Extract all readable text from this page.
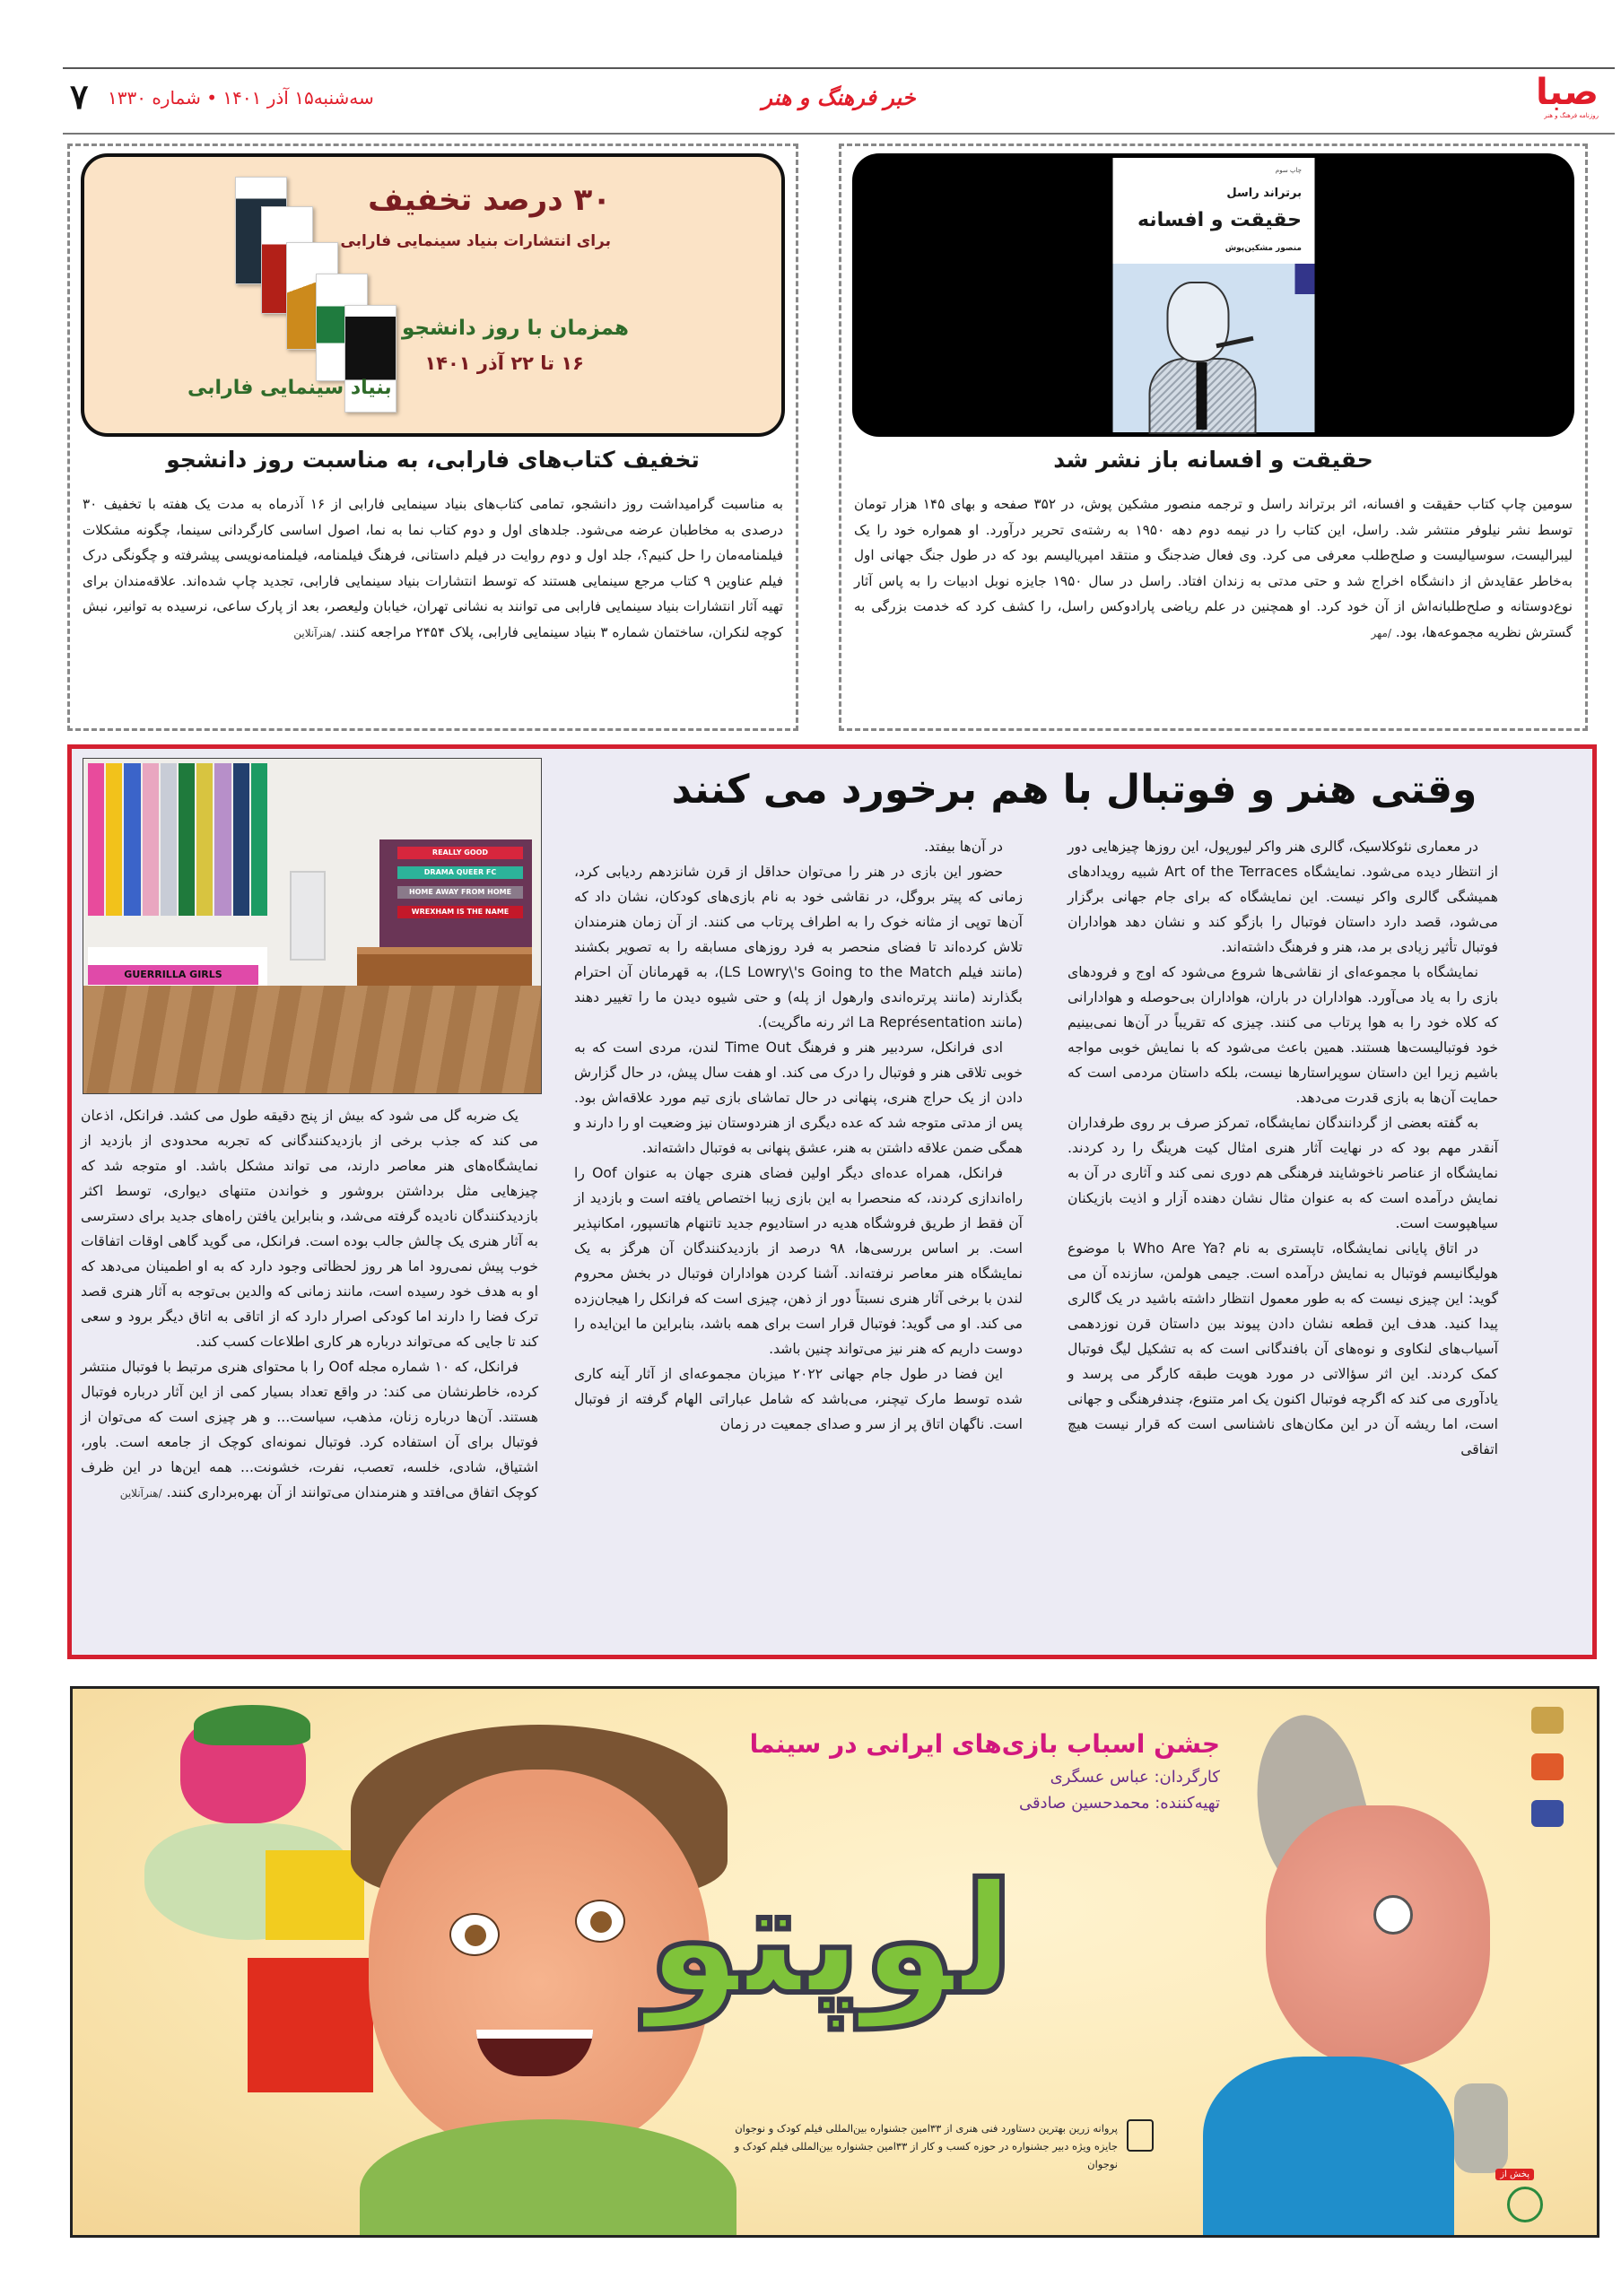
صبا
روزنامه فرهنگ و هنر
خبر فرهنگ و هنر
سه‌شنبه۱۵ آذر ۱۴۰۱ • شماره ۱۳۳۰
۷
چاپ سوم
برتراند راسل
حقیقت و افسانه
منصور مشکین‌پوش
حقیقت و افسانه باز نشر شد

سومین چاپ کتاب حقیقت و افسانه، اثر برتراند راسل و ترجمه منصور مشکین پوش، در ۳۵۲ صفحه و بهای ۱۴۵ هزار تومان توسط نشر نیلوفر منتشر شد. راسل، این کتاب را در نیمه دوم دهه ۱۹۵۰ به رشته‌ی تحریر درآورد. او همواره خود را یک لیبرالیست، سوسیالیست و صلح‌طلب معرفی می کرد. وی فعال ضدجنگ و منتقد امپریالیسم بود که در طول جنگ جهانی اول به‌خاطر عقایدش از دانشگاه اخراج شد و حتی مدتی به زندان افتاد. راسل در سال ۱۹۵۰ جایزه نوبل ادبیات را به پاس آثار نوع‌دوستانه و صلح‌طلبانه‌اش از آن خود کرد. او همچنین در علم ریاضی پارادوکس راسل، را کشف کرد که خدمت بزرگی به گسترش نظریه مجموعه‌ها، بود. /مهر

۳۰ درصد تخفیف
برای انتشارات بنیاد سینمایی فارابی
همزمان با روز دانشجو
۱۶ تا ۲۲ آذر ۱۴۰۱
بنیاد سینمایی فارابی
تخفیف کتاب‌های فارابی، به مناسبت روز دانشجو

به مناسبت گرامیداشت روز دانشجو، تمامی کتاب‌های بنیاد سینمایی فارابی از ۱۶ آذرماه به مدت یک هفته با تخفیف ۳۰ درصدی به مخاطبان عرضه می‌شود. جلدهای اول و دوم کتاب نما به نما، اصول اساسی کارگردانی سینما، چگونه مشکلات فیلمنامه‌مان را حل کنیم؟، جلد اول و دوم روایت در فیلم داستانی، فرهنگ فیلمنامه، فیلمنامه‌نویسی پیشرفته و چگونگی درک فیلم عناوین ۹ کتاب مرجع سینمایی هستند که توسط انتشارات بنیاد سینمایی فارابی، تجدید چاپ شده‌اند. علاقه‌مندان برای تهیه آثار انتشارات بنیاد سینمایی فارابی می توانند به نشانی تهران، خیابان ولیعصر، بعد از پارک ساعی، نرسیده به توانیر، نبش کوچه لنکران، ساختمان شماره ۳ بنیاد سینمایی فارابی، پلاک ۲۴۵۴ مراجعه کنند. /هنرآنلاین

وقتی هنر و فوتبال با هم برخورد می کنند
REALLY GOOD
DRAMA QUEER FC
HOME AWAY FROM HOME
WREXHAM IS THE NAME
GUERRILLA GIRLS

در معماری نئوکلاسیک، گالری هنر واکر لیورپول، این روزها چیزهایی دور از انتظار دیده می‌شود. نمایشگاه Art of the Terraces شبیه رویدادهای همیشگی گالری واکر نیست. این نمایشگاه که برای جام جهانی برگزار می‌شود، قصد دارد داستان فوتبال را بازگو کند و نشان دهد هواداران فوتبال تأثیر زیادی بر مد، هنر و فرهنگ داشته‌اند.

نمایشگاه با مجموعه‌ای از نقاشی‌ها شروع می‌شود که اوج و فرودهای بازی را به یاد می‌آورد. هواداران در باران، هواداران بی‌حوصله و هوادارانی که کلاه خود را به هوا پرتاب می کنند. چیزی که تقریباً در آن‌ها نمی‌بینیم خود فوتبالیست‌ها هستند. همین باعث می‌شود که با نمایش خوبی مواجه باشیم زیرا این داستان سوپراستارها نیست، بلکه داستان مردمی است که حمایت آن‌ها به بازی قدرت می‌دهد.

به گفته بعضی از گردانندگان نمایشگاه، تمرکز صرف بر روی طرفداران آنقدر مهم بود که در نهایت آثار هنری امثال کیت هرینگ را رد کردند. نمایشگاه از عناصر ناخوشایند فرهنگی هم دوری نمی کند و آثاری در آن به نمایش درآمده است که به عنوان مثال نشان دهنده آزار و اذیت بازیکنان سیاهپوست است.

در اتاق پایانی نمایشگاه، تاپستری به نام ?Who Are Ya با موضوع هولیگانیسم فوتبال به نمایش درآمده است. جیمی هولمن، سازنده آن می گوید: این چیزی نیست که به طور معمول انتظار داشته باشید در یک گالری پیدا کنید. هدف این قطعه نشان دادن پیوند بین داستان قرن نوزدهمی آسیاب‌های لنکاوی و نوه‌های آن بافندگانی است که به تشکیل لیگ فوتبال کمک کردند. این اثر سؤالاتی در مورد هویت طبقه کارگر می پرسد و یادآوری می کند که اگرچه فوتبال اکنون یک امر متنوع، چندفرهنگی و جهانی است، اما ریشه آن در این مکان‌های ناشناسی است که قرار نیست هیچ اتفاقی

در آن‌ها بیفتد.

حضور این بازی در هنر را می‌توان حداقل از قرن شانزدهم ردیابی کرد، زمانی که پیتر بروگل، در نقاشی خود به نام بازی‌های کودکان، نشان داد که آن‌ها توپی از مثانه خوک را به اطراف پرتاب می کنند. از آن زمان هنرمندان تلاش کرده‌اند تا فضای منحصر به فرد روزهای مسابقه را به تصویر بکشند (مانند فیلم LS Lowry\'s Going to the Match)، به قهرمانان آن احترام بگذارند (مانند پرتره‌اندی وارهول از پله) و حتی شیوه دیدن ما را تغییر دهند (مانند La Représentation اثر رنه ماگریت).

ادی فرانکل، سردبیر هنر و فرهنگ Time Out لندن، مردی است که به خوبی تلاقی هنر و فوتبال را درک می کند. او هفت سال پیش، در حال گزارش دادن از یک حراج هنری، پنهانی در حال تماشای بازی تیم مورد علاقه‌اش بود. پس از مدتی متوجه شد که عده دیگری از هنردوستان نیز وضعیت او را دارند و همگی ضمن علاقه داشتن به هنر، عشق پنهانی به فوتبال داشته‌اند.

فرانکل، همراه عده‌ای دیگر اولین فضای هنری جهان به عنوان Oof را راه‌اندازی کردند، که منحصرا به این بازی زیبا اختصاص یافته است و بازدید از آن فقط از طریق فروشگاه هدیه در استادیوم جدید تاتنهام هاتسپور، امکانپذیر است. بر اساس بررسی‌ها، ۹۸ درصد از بازدیدکنندگان آن هرگز به یک نمایشگاه هنر معاصر نرفته‌اند. آشنا کردن هواداران فوتبال در بخش محروم لندن با برخی آثار هنری نسبتاً دور از ذهن، چیزی است که فرانکل را هیجان‌زده می کند. او می گوید: فوتبال قرار است برای همه باشد، بنابراین ما این‌ایده را دوست داریم که هنر نیز می‌تواند چنین باشد.

این فضا در طول جام جهانی ۲۰۲۲ میزبان مجموعه‌ای از آثار آینه کاری شده توسط مارک تیچنر، می‌باشد که شامل عباراتی الهام گرفته از فوتبال است. ناگهان اتاق پر از سر و صدای جمعیت در زمان

یک ضربه گل می شود که بیش از پنج دقیقه طول می کشد. فرانکل، اذعان می کند که جذب برخی از بازدیدکنندگانی که تجربه محدودی از بازدید از نمایشگاه‌های هنر معاصر دارند، می تواند مشکل باشد. او متوجه شد که چیزهایی مثل برداشتن بروشور و خواندن متنهای دیواری، توسط اکثر بازدیدکنندگان نادیده گرفته می‌شد، و بنابراین یافتن راه‌های جدید برای دسترسی به آثار هنری یک چالش جالب بوده است. فرانکل، می گوید گاهی اوقات اتفاقات خوب پیش نمی‌رود اما هر روز لحظاتی وجود دارد که به او اطمینان می‌دهد که او به هدف خود رسیده است، مانند زمانی که والدین بی‌توجه به آثار هنری قصد ترک فضا را دارند اما کودکی اصرار دارد که از اتاقی به اتاق دیگر برود و سعی کند تا جایی که می‌تواند درباره هر کاری اطلاعات کسب کند.

فرانکل، که ۱۰ شماره مجله Oof را با محتوای هنری مرتبط با فوتبال منتشر کرده، خاطرنشان می کند: در واقع تعداد بسیار کمی از این آثار درباره فوتبال هستند. آن‌ها درباره زنان، مذهب، سیاست... و هر چیزی است که می‌توان از فوتبال برای آن استفاده کرد. فوتبال نمونه‌ای کوچک از جامعه است. باور، اشتیاق، شادی، خلسه، تعصب، نفرت، خشونت... همه این‌ها در این ظرف کوچک اتفاق می‌افتد و هنرمندان می‌توانند از آن بهره‌برداری کنند. /هنرآنلاین

لوپتو
جشن اسباب بازی‌های ایرانی در سینما
کارگردان: عباس عسگری
تهیه‌کننده: محمدحسین صادقی
پروانه زرین بهترین دستاورد فنی هنری از ۳۳امین جشنواره بین‌المللی فیلم کودک و نوجوان
جایزه ویژه دبیر جشنواره در حوزه کسب و کار از ۳۳امین جشنواره بین‌المللی فیلم کودک و نوجوان
پخش از
